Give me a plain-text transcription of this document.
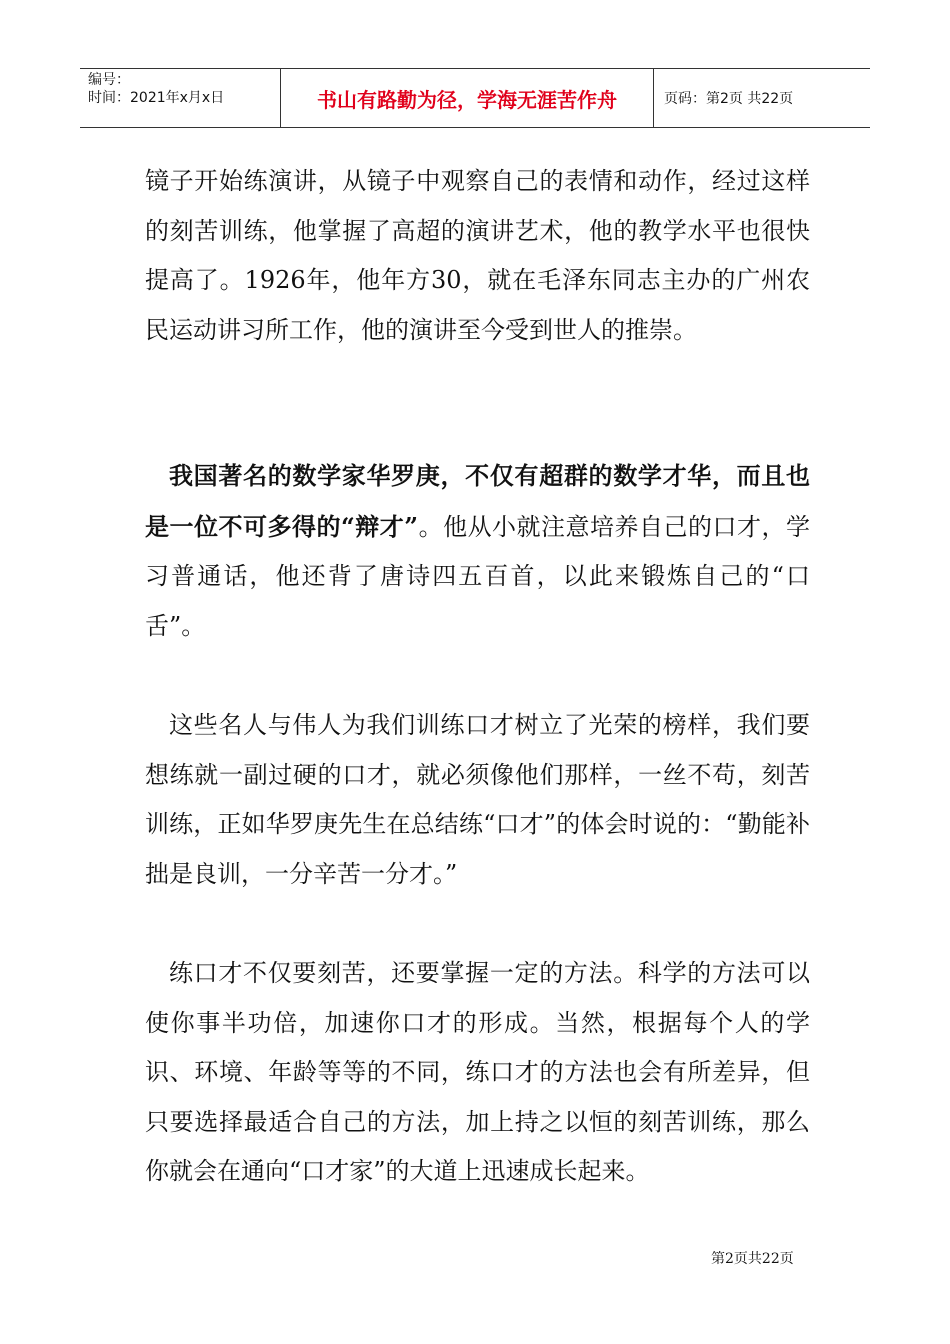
编号：
时间：2021年x月x日	书山有路勤为径，学海无涯苦作舟	页码：第2页 共22页

镜子开始练演讲，从镜子中观察自己的表情和动作，经过这样的刻苦训练，他掌握了高超的演讲艺术，他的教学水平也很快提高了。1926年，他年方30，就在毛泽东同志主办的广州农民运动讲习所工作，他的演讲至今受到世人的推崇。

我国著名的数学家华罗庚，不仅有超群的数学才华，而且也是一位不可多得的“辩才”。他从小就注意培养自己的口才，学习普通话，他还背了唐诗四五百首，以此来锻炼自己的“口舌”。

这些名人与伟人为我们训练口才树立了光荣的榜样，我们要想练就一副过硬的口才，就必须像他们那样，一丝不苟，刻苦训练，正如华罗庚先生在总结练“口才”的体会时说的：“勤能补拙是良训，一分辛苦一分才。”

练口才不仅要刻苦，还要掌握一定的方法。科学的方法可以使你事半功倍，加速你口才的形成。当然，根据每个人的学识、环境、年龄等等的不同，练口才的方法也会有所差异，但只要选择最适合自己的方法，加上持之以恒的刻苦训练，那么你就会在通向“口才家”的大道上迅速成长起来。

第2页共22页
